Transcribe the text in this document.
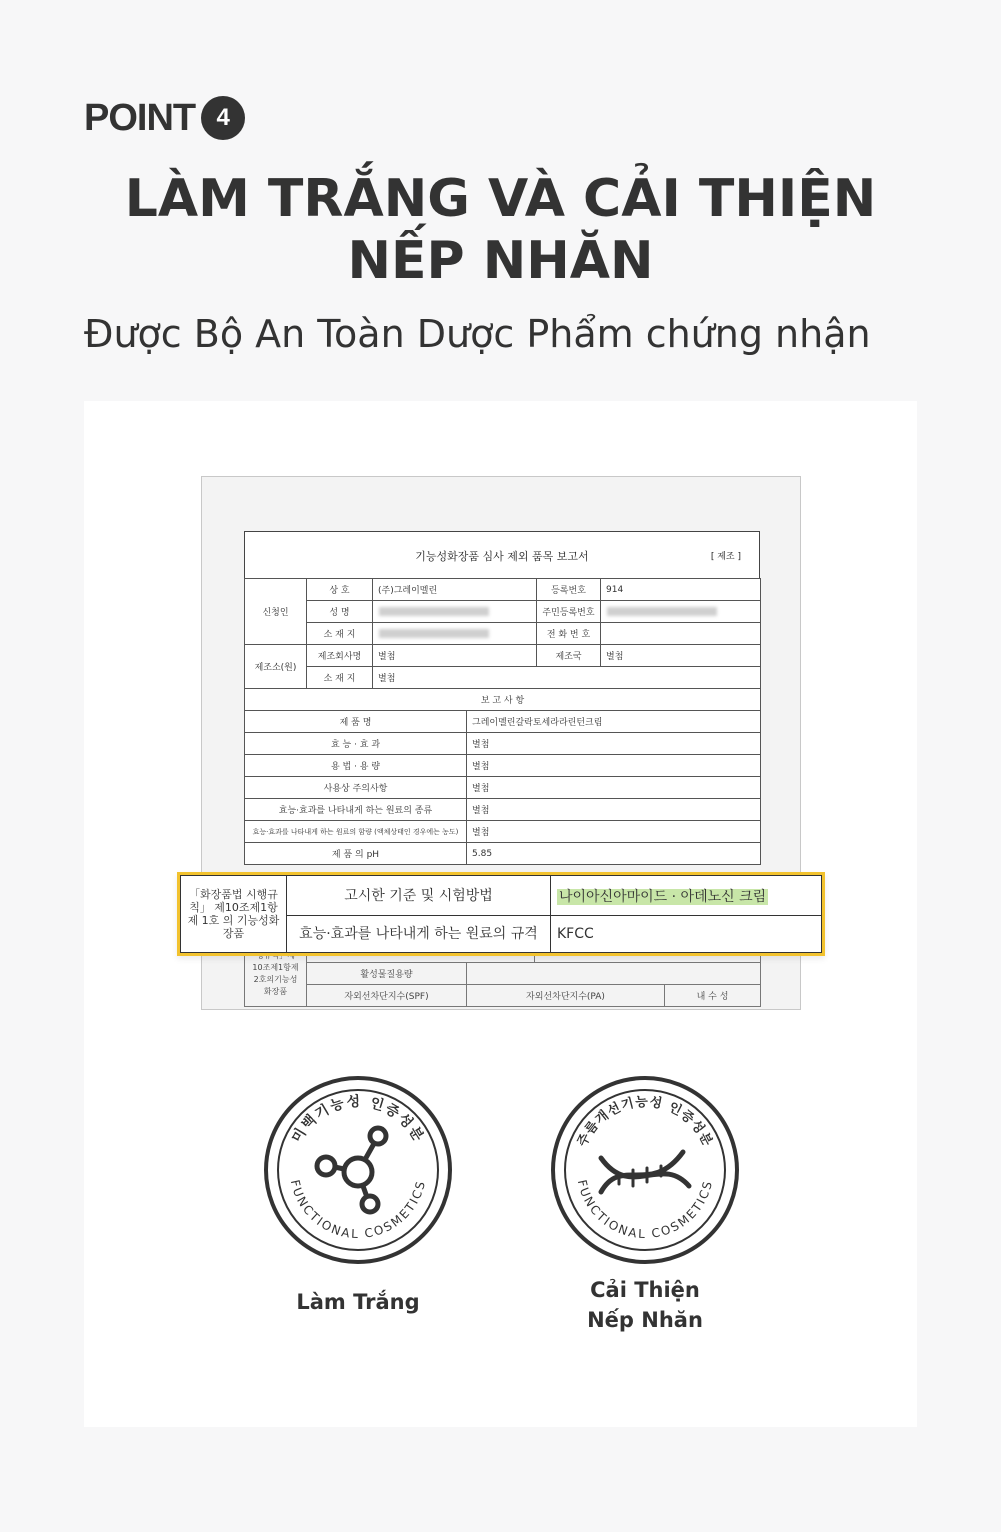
POINT 4
LÀM TRẮNG VÀ CẢI THIỆN
NẾP NHĂN
Được Bộ An Toàn Dược Phẩm chứng nhận
기능성화장품 심사 제외 품목 보고서	[ 제조 ]
신청인	상 호	(주)그레이멜린		등록번호	914
	성 명			주민등록번호	
	소 재 지			전 화 번 호	
제조소(원)	제조회사명	별첨		제조국	별첨
	소 재 지	별첨			
보 고 사 항					
제 품 명			그레이멜린갈락토세라라린턴크림		
효 능 · 효 과			별첨		
용 법 · 용 량			별첨		
사용상 주의사항			별첨		
효능·효과를 나타내게 하는 원료의 종류			별첨		
효능·효과를 나타내게 하는 원료의 함량 (액체상태인 경우에는 농도)			별첨		
제 품 의 pH			5.85		
10조제1항제 2호의기능성 화장품				
	활성물질용량			
	자외선차단지수(SPF)	자외선차단지수(PA)		내 수 성
「화장품법 시행규칙」 제10조제1항제 1호 의 기능성화장품	고시한 기준 및 시험방법	나이아신아마이드 · 아데노신 크림
	효능·효과를 나타내게 하는 원료의 규격	KFCC
미백기능성 인증성분
FUNCTIONAL COSMETICS
주름개선기능성 인증성분
FUNCTIONAL COSMETICS
Làm Trắng	Cải Thiện
Nếp Nhăn
